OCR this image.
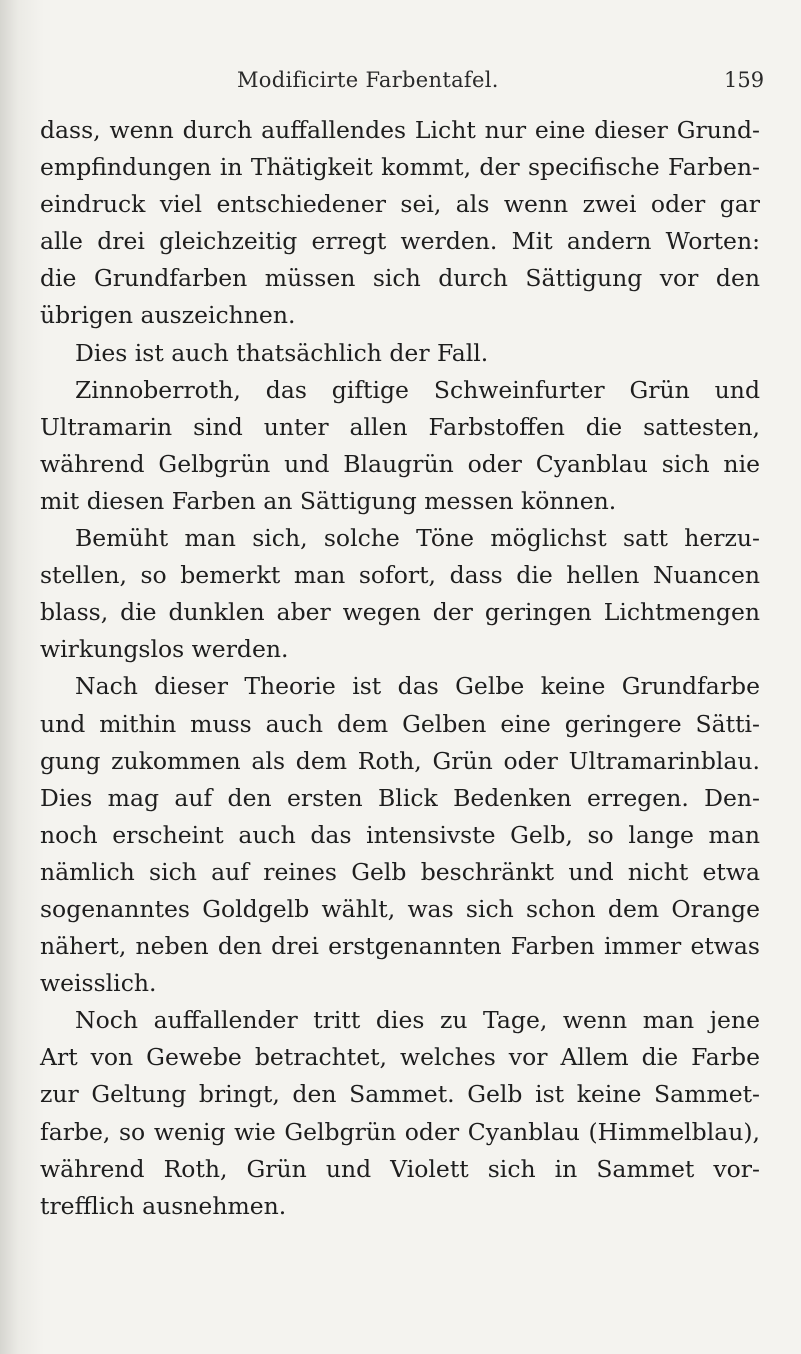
Modificirte Farbentafel.	159
dass, wenn durch auffallendes Licht nur eine dieser Grund-
empfindungen in Thätigkeit kommt, der specifische Farben-
eindruck viel entschiedener sei, als wenn zwei oder gar
alle drei gleichzeitig erregt werden. Mit andern Worten:
die Grundfarben müssen sich durch Sättigung vor den
übrigen auszeichnen.
Dies ist auch thatsächlich der Fall.
Zinnoberroth, das giftige Schweinfurter Grün und
Ultramarin sind unter allen Farbstoffen die sattesten,
während Gelbgrün und Blaugrün oder Cyanblau sich nie
mit diesen Farben an Sättigung messen können.
Bemüht man sich, solche Töne möglichst satt herzu-
stellen, so bemerkt man sofort, dass die hellen Nuancen
blass, die dunklen aber wegen der geringen Lichtmengen
wirkungslos werden.
Nach dieser Theorie ist das Gelbe keine Grundfarbe
und mithin muss auch dem Gelben eine geringere Sätti-
gung zukommen als dem Roth, Grün oder Ultramarinblau.
Dies mag auf den ersten Blick Bedenken erregen. Den-
noch erscheint auch das intensivste Gelb, so lange man
nämlich sich auf reines Gelb beschränkt und nicht etwa
sogenanntes Goldgelb wählt, was sich schon dem Orange
nähert, neben den drei erstgenannten Farben immer etwas
weisslich.
Noch auffallender tritt dies zu Tage, wenn man jene
Art von Gewebe betrachtet, welches vor Allem die Farbe
zur Geltung bringt, den Sammet. Gelb ist keine Sammet-
farbe, so wenig wie Gelbgrün oder Cyanblau (Himmelblau),
während Roth, Grün und Violett sich in Sammet vor-
trefflich ausnehmen.
